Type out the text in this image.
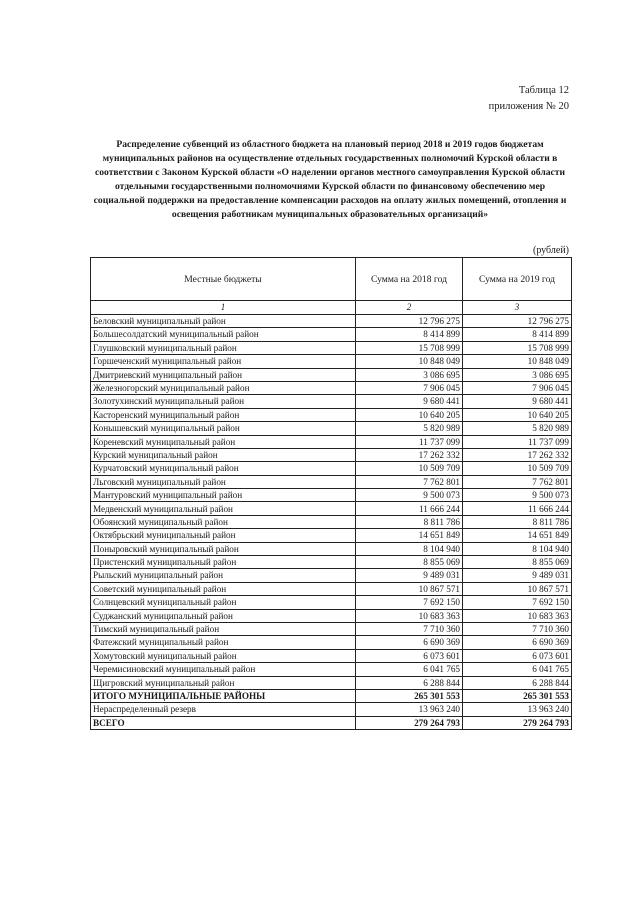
Таблица 12
приложения № 20
Распределение субвенций из областного бюджета на плановый период 2018 и 2019 годов бюджетам муниципальных районов на осуществление отдельных государственных полномочий Курской области в соответствии с Законом Курской области «О наделении органов местного самоуправления Курской области отдельными государственными полномочиями Курской области по финансовому обеспечению мер социальной поддержки на предоставление компенсации расходов на оплату жилых помещений, отопления и освещения работникам муниципальных образовательных организаций»
(рублей)
Местные бюджеты	Сумма на 2018 год	Сумма на 2019 год
1	2	3
Беловский муниципальный район	12 796 275	12 796 275
Большесолдатский муниципальный район	8 414 899	8 414 899
Глушковский муниципальный район	15 708 999	15 708 999
Горшеченский муниципальный район	10 848 049	10 848 049
Дмитриевский муниципальный район	3 086 695	3 086 695
Железногорский муниципальный район	7 906 045	7 906 045
Золотухинский муниципальный район	9 680 441	9 680 441
Касторенский муниципальный район	10 640 205	10 640 205
Конышевский муниципальный район	5 820 989	5 820 989
Кореневский муниципальный район	11 737 099	11 737 099
Курский муниципальный район	17 262 332	17 262 332
Курчатовский муниципальный район	10 509 709	10 509 709
Льговский муниципальный район	7 762 801	7 762 801
Мантуровский муниципальный район	9 500 073	9 500 073
Медвенский муниципальный район	11 666 244	11 666 244
Обоянский муниципальный район	8 811 786	8 811 786
Октябрьский муниципальный район	14 651 849	14 651 849
Поныровский муниципальный район	8 104 940	8 104 940
Пристенский муниципальный район	8 855 069	8 855 069
Рыльский муниципальный район	9 489 031	9 489 031
Советский муниципальный район	10 867 571	10 867 571
Солнцевский муниципальный район	7 692 150	7 692 150
Суджанский муниципальный район	10 683 363	10 683 363
Тимский муниципальный район	7 710 360	7 710 360
Фатежский муниципальный район	6 690 369	6 690 369
Хомутовский муниципальный район	6 073 601	6 073 601
Черемисиновский муниципальный район	6 041 765	6 041 765
Щигровский муниципальный район	6 288 844	6 288 844
ИТОГО МУНИЦИПАЛЬНЫЕ РАЙОНЫ	265 301 553	265 301 553
Нераспределенный резерв	13 963 240	13 963 240
ВСЕГО	279 264 793	279 264 793
